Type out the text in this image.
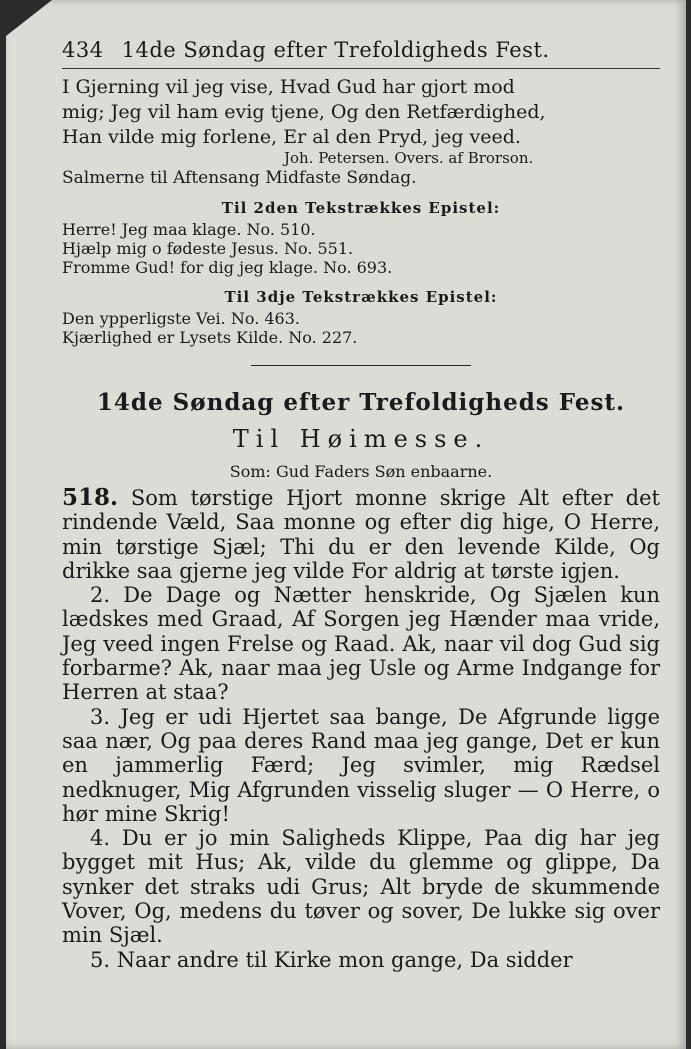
434 14de Søndag efter Trefoldigheds Fest.
I Gjerning vil jeg vise, Hvad Gud har gjort mod
mig; Jeg vil ham evig tjene, Og den Retfærdighed,
Han vilde mig forlene, Er al den Pryd, jeg veed.
Joh. Petersen. Overs. af Brorson.
Salmerne til Aftensang Midfaste Søndag.
Til 2den Tekstrækkes Epistel:
Herre! Jeg maa klage. No. 510.
Hjælp mig o fødeste Jesus. No. 551.
Fromme Gud! for dig jeg klage. No. 693.
Til 3dje Tekstrækkes Epistel:
Den ypperligste Vei. No. 463.
Kjærlighed er Lysets Kilde. No. 227.
14de Søndag efter Trefoldigheds Fest.
Til Høimesse.
Som: Gud Faders Søn enbaarne.

518. Som tørstige Hjort monne skrige Alt efter det rindende Væld, Saa monne og efter dig hige, O Herre, min tørstige Sjæl; Thi du er den levende Kilde, Og drikke saa gjerne jeg vilde For aldrig at tørste igjen.

2. De Dage og Nætter henskride, Og Sjælen kun lædskes med Graad, Af Sorgen jeg Hænder maa vride, Jeg veed ingen Frelse og Raad. Ak, naar vil dog Gud sig forbarme? Ak, naar maa jeg Usle og Arme Indgange for Herren at staa?

3. Jeg er udi Hjertet saa bange, De Afgrunde ligge saa nær, Og paa deres Rand maa jeg gange, Det er kun en jammerlig Færd; Jeg svimler, mig Rædsel nedknuger, Mig Afgrunden visselig sluger — O Herre, o hør mine Skrig!

4. Du er jo min Saligheds Klippe, Paa dig har jeg bygget mit Hus; Ak, vilde du glemme og glippe, Da synker det straks udi Grus; Alt bryde de skummende Vover, Og, medens du tøver og sover, De lukke sig over min Sjæl.

5. Naar andre til Kirke mon gange, Da sidder
